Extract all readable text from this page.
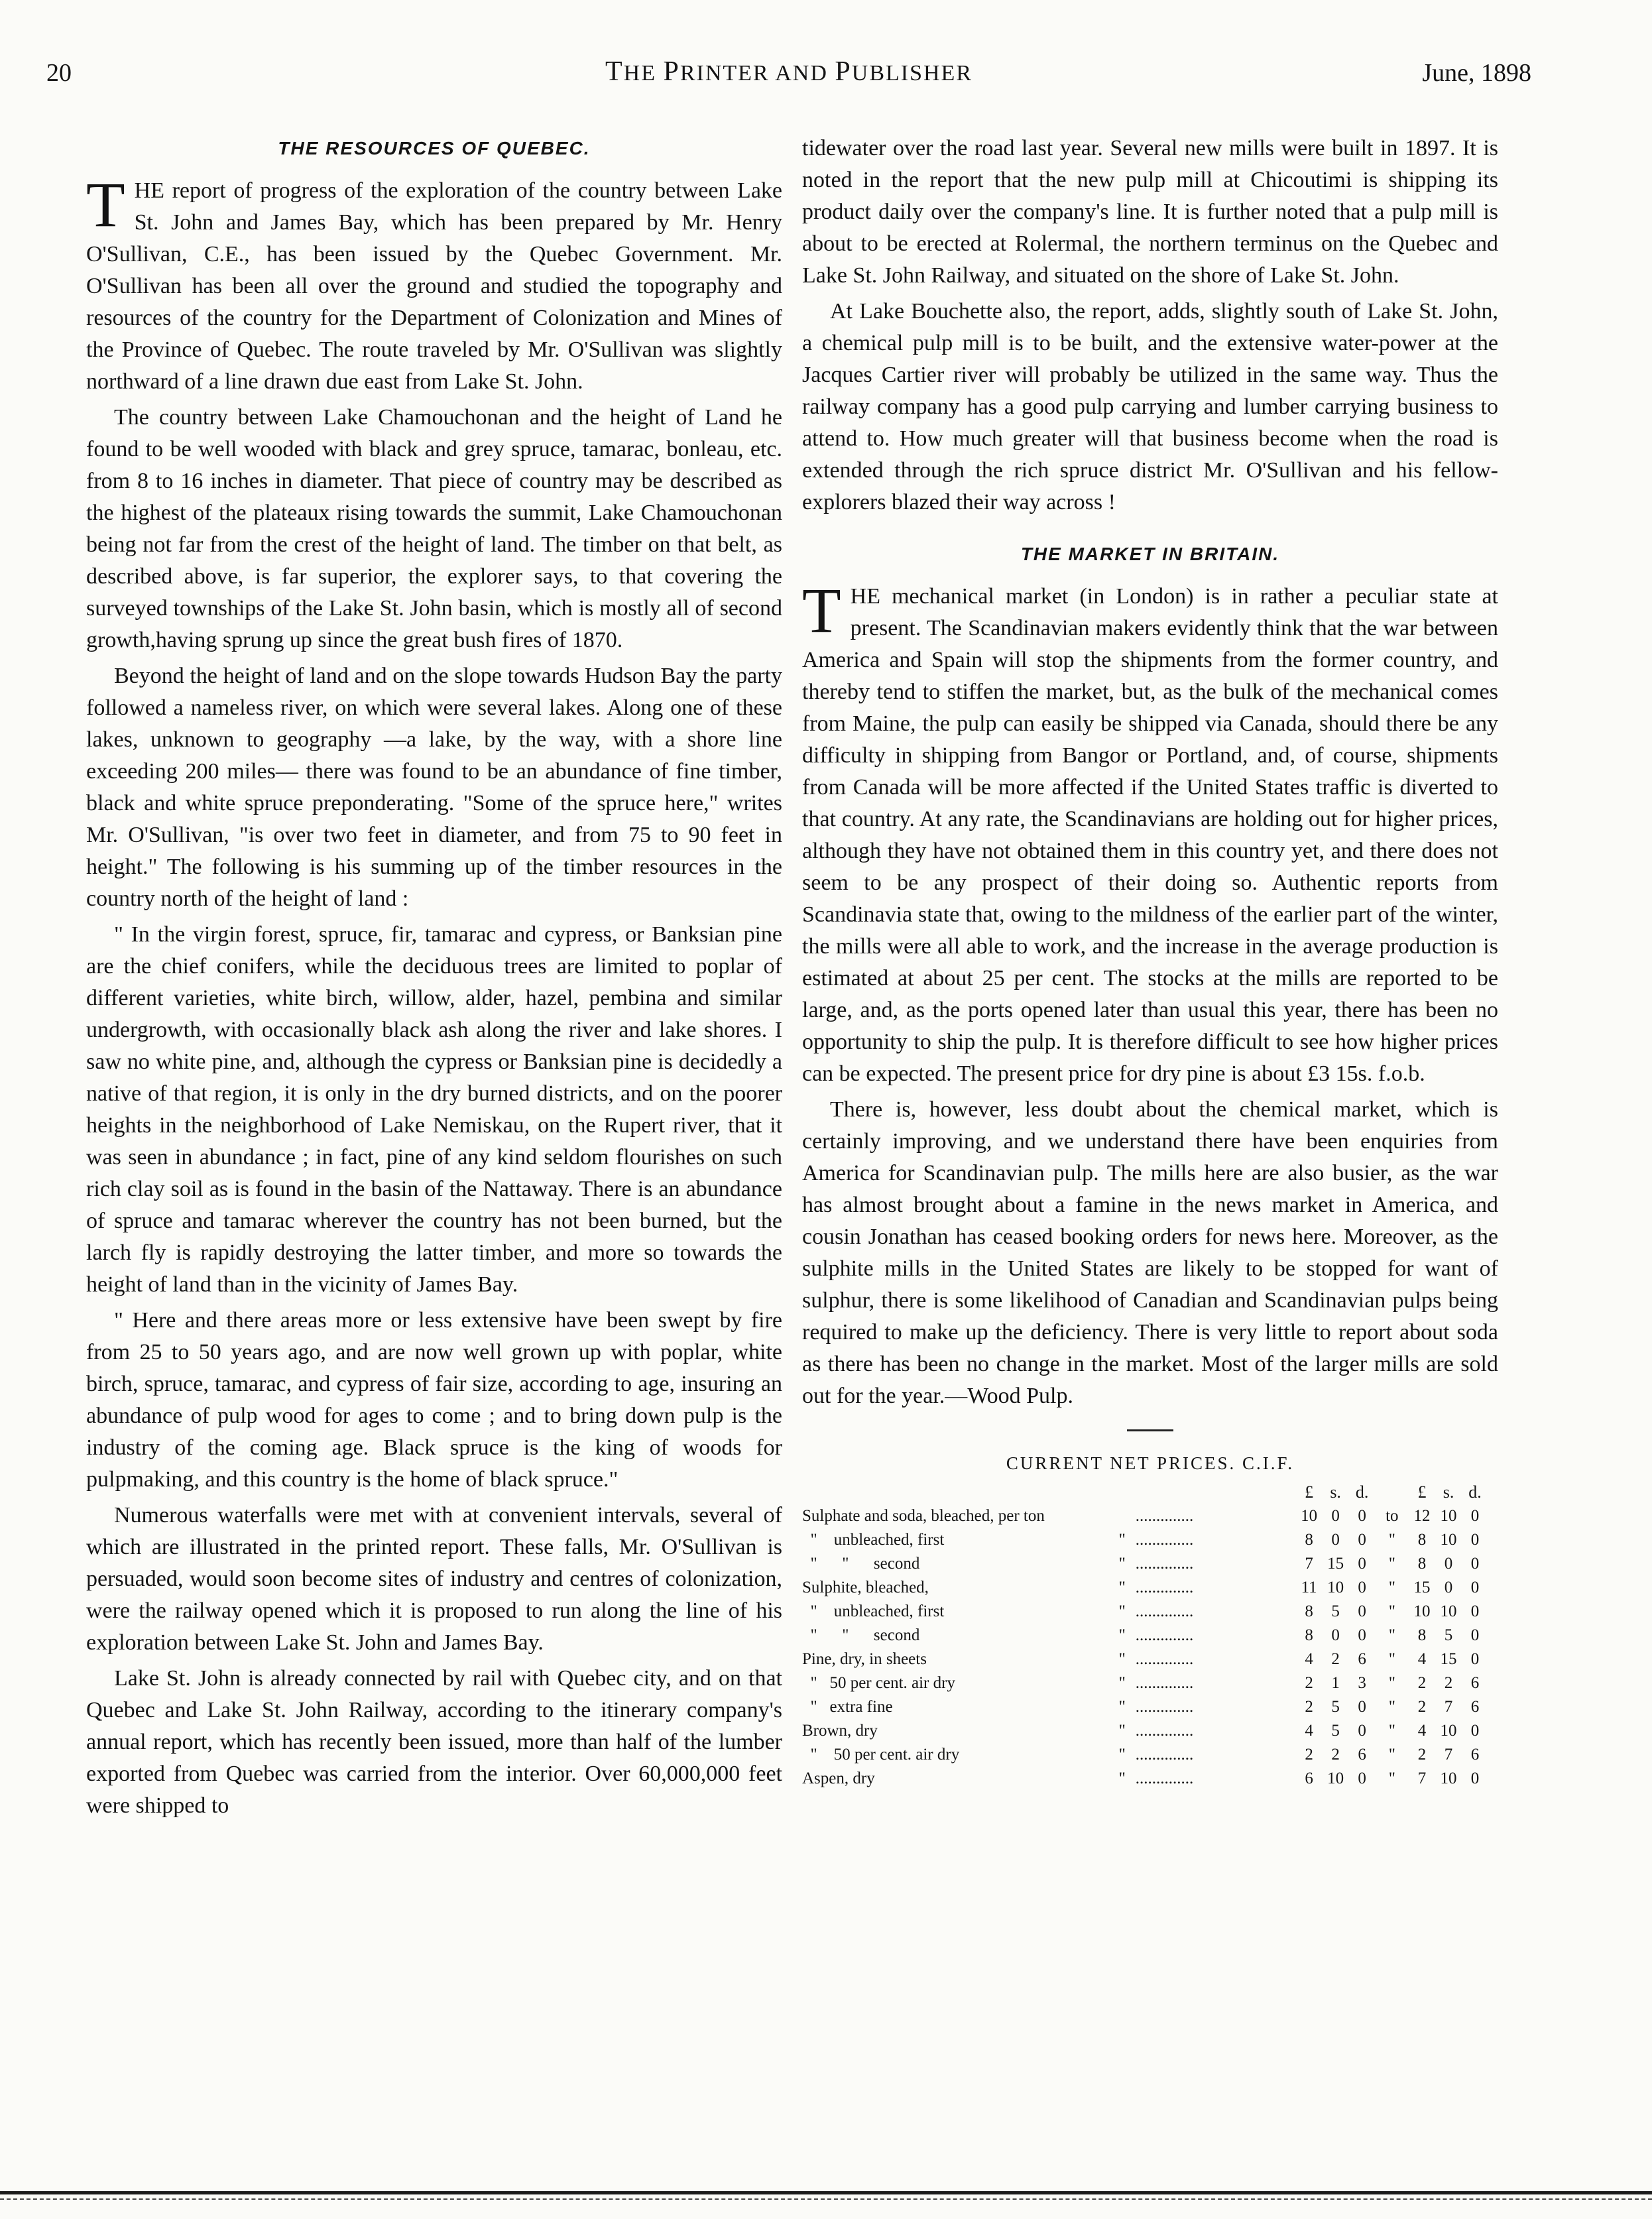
20	THE PRINTER AND PUBLISHER	June, 1898
THE RESOURCES OF QUEBEC.

THE report of progress of the exploration of the country between Lake St. John and James Bay, which has been prepared by Mr. Henry O'Sullivan, C.E., has been issued by the Quebec Government. Mr. O'Sullivan has been all over the ground and studied the topography and resources of the country for the Department of Colonization and Mines of the Province of Quebec. The route traveled by Mr. O'Sullivan was slightly northward of a line drawn due east from Lake St. John.

The country between Lake Chamouchonan and the height of Land he found to be well wooded with black and grey spruce, tamarac, bonleau, etc. from 8 to 16 inches in diameter. That piece of country may be described as the highest of the plateaux rising towards the summit, Lake Chamouchonan being not far from the crest of the height of land. The timber on that belt, as described above, is far superior, the explorer says, to that covering the surveyed townships of the Lake St. John basin, which is mostly all of second growth,having sprung up since the great bush fires of 1870.

Beyond the height of land and on the slope towards Hudson Bay the party followed a nameless river, on which were several lakes. Along one of these lakes, unknown to geography —a lake, by the way, with a shore line exceeding 200 miles— there was found to be an abundance of fine timber, black and white spruce preponderating. "Some of the spruce here," writes Mr. O'Sullivan, "is over two feet in diameter, and from 75 to 90 feet in height." The following is his summing up of the timber resources in the country north of the height of land :

" In the virgin forest, spruce, fir, tamarac and cypress, or Banksian pine are the chief conifers, while the deciduous trees are limited to poplar of different varieties, white birch, willow, alder, hazel, pembina and similar undergrowth, with occasionally black ash along the river and lake shores. I saw no white pine, and, although the cypress or Banksian pine is decidedly a native of that region, it is only in the dry burned districts, and on the poorer heights in the neighborhood of Lake Nemiskau, on the Rupert river, that it was seen in abundance ; in fact, pine of any kind seldom flourishes on such rich clay soil as is found in the basin of the Nattaway. There is an abundance of spruce and tamarac wherever the country has not been burned, but the larch fly is rapidly destroying the latter timber, and more so towards the height of land than in the vicinity of James Bay.

" Here and there areas more or less extensive have been swept by fire from 25 to 50 years ago, and are now well grown up with poplar, white birch, spruce, tamarac, and cypress of fair size, according to age, insuring an abundance of pulp wood for ages to come ; and to bring down pulp is the industry of the coming age. Black spruce is the king of woods for pulpmaking, and this country is the home of black spruce."

Numerous waterfalls were met with at convenient intervals, several of which are illustrated in the printed report. These falls, Mr. O'Sullivan is persuaded, would soon become sites of industry and centres of colonization, were the railway opened which it is proposed to run along the line of his exploration between Lake St. John and James Bay.

Lake St. John is already connected by rail with Quebec city, and on that Quebec and Lake St. John Railway, according to the itinerary company's annual report, which has recently been issued, more than half of the lumber exported from Quebec was carried from the interior. Over 60,000,000 feet were shipped to

tidewater over the road last year. Several new mills were built in 1897. It is noted in the report that the new pulp mill at Chicoutimi is shipping its product daily over the company's line. It is further noted that a pulp mill is about to be erected at Rolermal, the northern terminus on the Quebec and Lake St. John Railway, and situated on the shore of Lake St. John.

At Lake Bouchette also, the report, adds, slightly south of Lake St. John, a chemical pulp mill is to be built, and the extensive water-power at the Jacques Cartier river will probably be utilized in the same way. Thus the railway company has a good pulp carrying and lumber carrying business to attend to. How much greater will that business become when the road is extended through the rich spruce district Mr. O'Sullivan and his fellow-explorers blazed their way across !

THE MARKET IN BRITAIN.

THE mechanical market (in London) is in rather a peculiar state at present. The Scandinavian makers evidently think that the war between America and Spain will stop the shipments from the former country, and thereby tend to stiffen the market, but, as the bulk of the mechanical comes from Maine, the pulp can easily be shipped via Canada, should there be any difficulty in shipping from Bangor or Portland, and, of course, shipments from Canada will be more affected if the United States traffic is diverted to that country. At any rate, the Scandinavians are holding out for higher prices, although they have not obtained them in this country yet, and there does not seem to be any prospect of their doing so. Authentic reports from Scandinavia state that, owing to the mildness of the earlier part of the winter, the mills were all able to work, and the increase in the average production is estimated at about 25 per cent. The stocks at the mills are reported to be large, and, as the ports opened later than usual this year, there has been no opportunity to ship the pulp. It is therefore difficult to see how higher prices can be expected. The present price for dry pine is about £3 15s. f.o.b.

There is, however, less doubt about the chemical market, which is certainly improving, and we understand there have been enquiries from America for Scandinavian pulp. The mills here are also busier, as the war has almost brought about a famine in the news market in America, and cousin Jonathan has ceased booking orders for news here. Moreover, as the sulphite mills in the United States are likely to be stopped for want of sulphur, there is some likelihood of Canadian and Scandinavian pulps being required to make up the deficiency. There is very little to report about soda as there has been no change in the market. Most of the larger mills are sold out for the year.—Wood Pulp.

CURRENT NET PRICES. C.I.F.
			£	s.	d.		£	s.	d.
Sulphate and soda, bleached, per ton		..............	10	0	0	to	12	10	0
"    unbleached, first	"	..............	8	0	0	"	8	10	0
"      "      second	"	..............	7	15	0	"	8	0	0
Sulphite, bleached,	"	..............	11	10	0	"	15	0	0
"    unbleached, first	"	..............	8	5	0	"	10	10	0
"      "      second	"	..............	8	0	0	"	8	5	0
Pine, dry, in sheets	"	..............	4	2	6	"	4	15	0
"   50 per cent. air dry	"	..............	2	1	3	"	2	2	6
"   extra fine	"	..............	2	5	0	"	2	7	6
Brown, dry	"	..............	4	5	0	"	4	10	0
"    50 per cent. air dry	"	..............	2	2	6	"	2	7	6
Aspen, dry	"	..............	6	10	0	"	7	10	0
